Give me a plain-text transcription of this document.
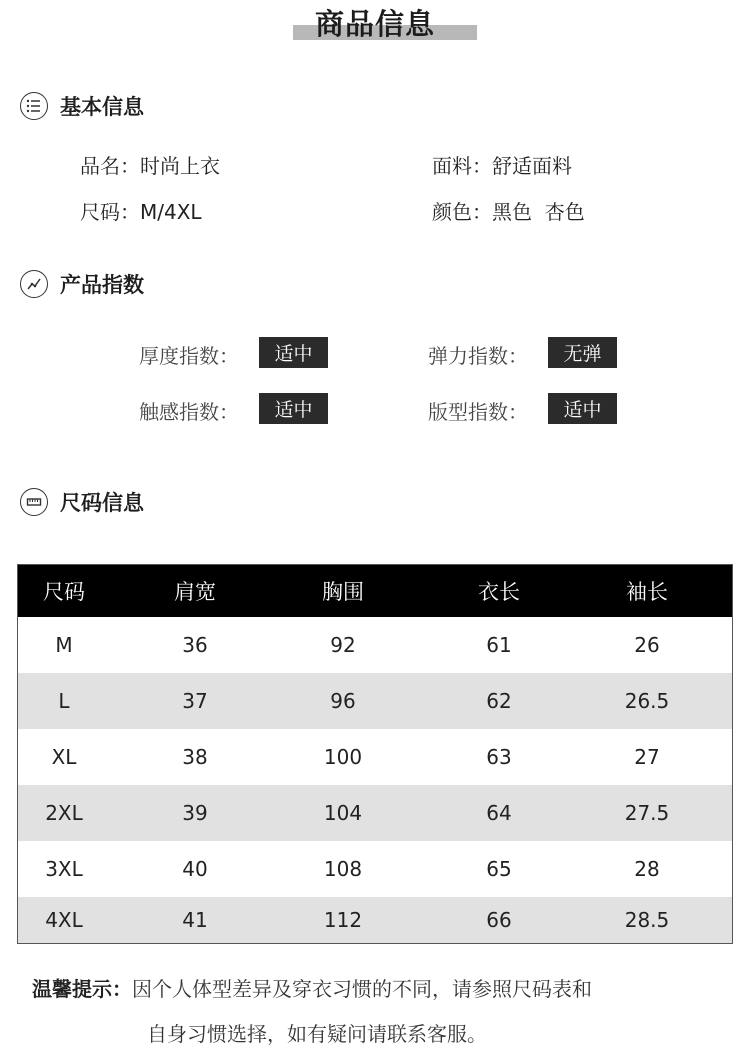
商品信息
基本信息
品名：时尚上衣	面料：舒适面料
尺码：M/4XL	颜色：黑色  杏色
产品指数
厚度指数：	适中	弹力指数：	无弹
触感指数：	适中	版型指数：	适中
尺码信息
尺码	肩宽	胸围	衣长	袖长
M	36	92	61	26
L	37	96	62	26.5
XL	38	100	63	27
2XL	39	104	64	27.5
3XL	40	108	65	28
4XL	41	112	66	28.5
温馨提示：因个人体型差异及穿衣习惯的不同，请参照尺码表和
自身习惯选择，如有疑问请联系客服。
